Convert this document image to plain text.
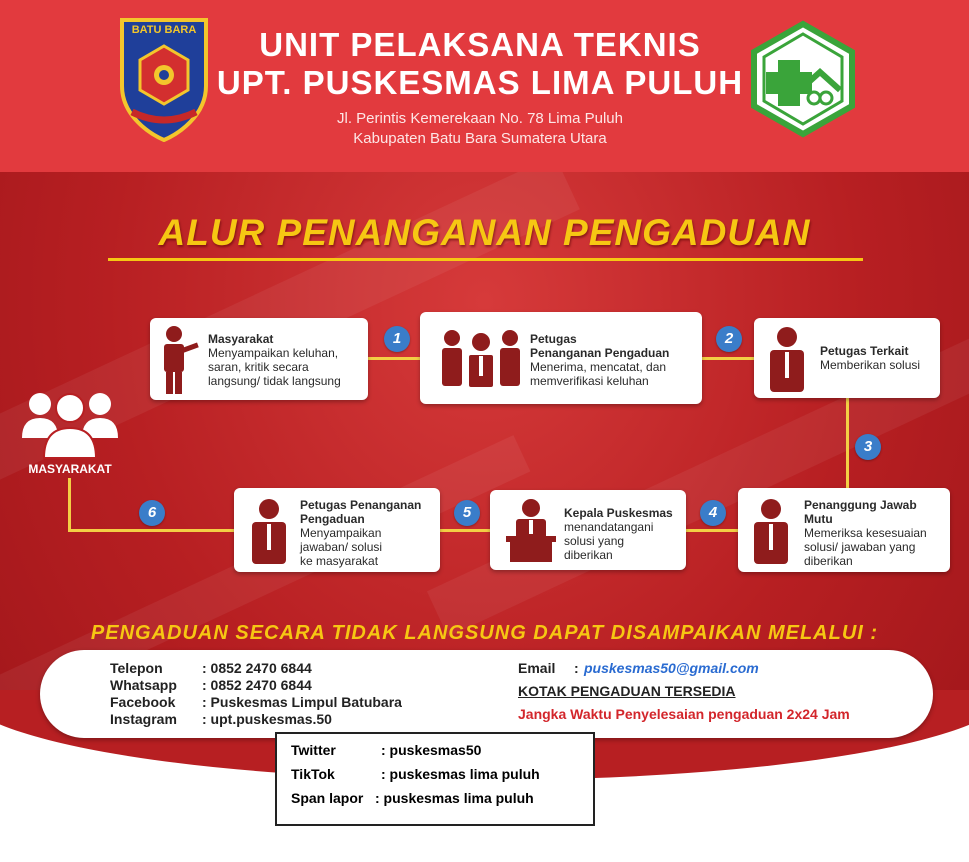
UNIT PELAKSANA TEKNIS
UPT. PUSKESMAS LIMA PULUH
Jl. Perintis Kemerekaan No. 78 Lima Puluh
Kabupaten Batu Bara Sumatera Utara
BATU BARA
ALUR PENANGANAN PENGADUAN
MASYARAKAT
Masyarakat
Menyampaikan keluhan,
saran, kritik secara
langsung/ tidak langsung
Petugas
Penanganan Pengaduan
Menerima, mencatat, dan
memverifikasi keluhan
Petugas Terkait
Memberikan solusi
Penanggung Jawab
Mutu
Memeriksa kesesuaian
solusi/ jawaban yang
diberikan
Kepala Puskesmas
menandatangani
solusi yang
diberikan
Petugas Penanganan
Pengaduan
Menyampaikan
jawaban/ solusi
ke masyarakat
1	2
3
4
5
6
PENGADUAN SECARA TIDAK LANGSUNG DAPAT DISAMPAIKAN MELALUI :
Telepon	: 0852 2470 6844
Whatsapp : 0852 2470 6844
Facebook : Puskesmas Limpul Batubara
Instagram : upt.puskesmas.50
Email : puskesmas50@gmail.com
KOTAK PENGADUAN TERSEDIA
Jangka Waktu Penyelesaian pengaduan 2x24 Jam
Twitter	: puskesmas50
TikTok	: puskesmas lima puluh
Span lapor : puskesmas lima puluh
